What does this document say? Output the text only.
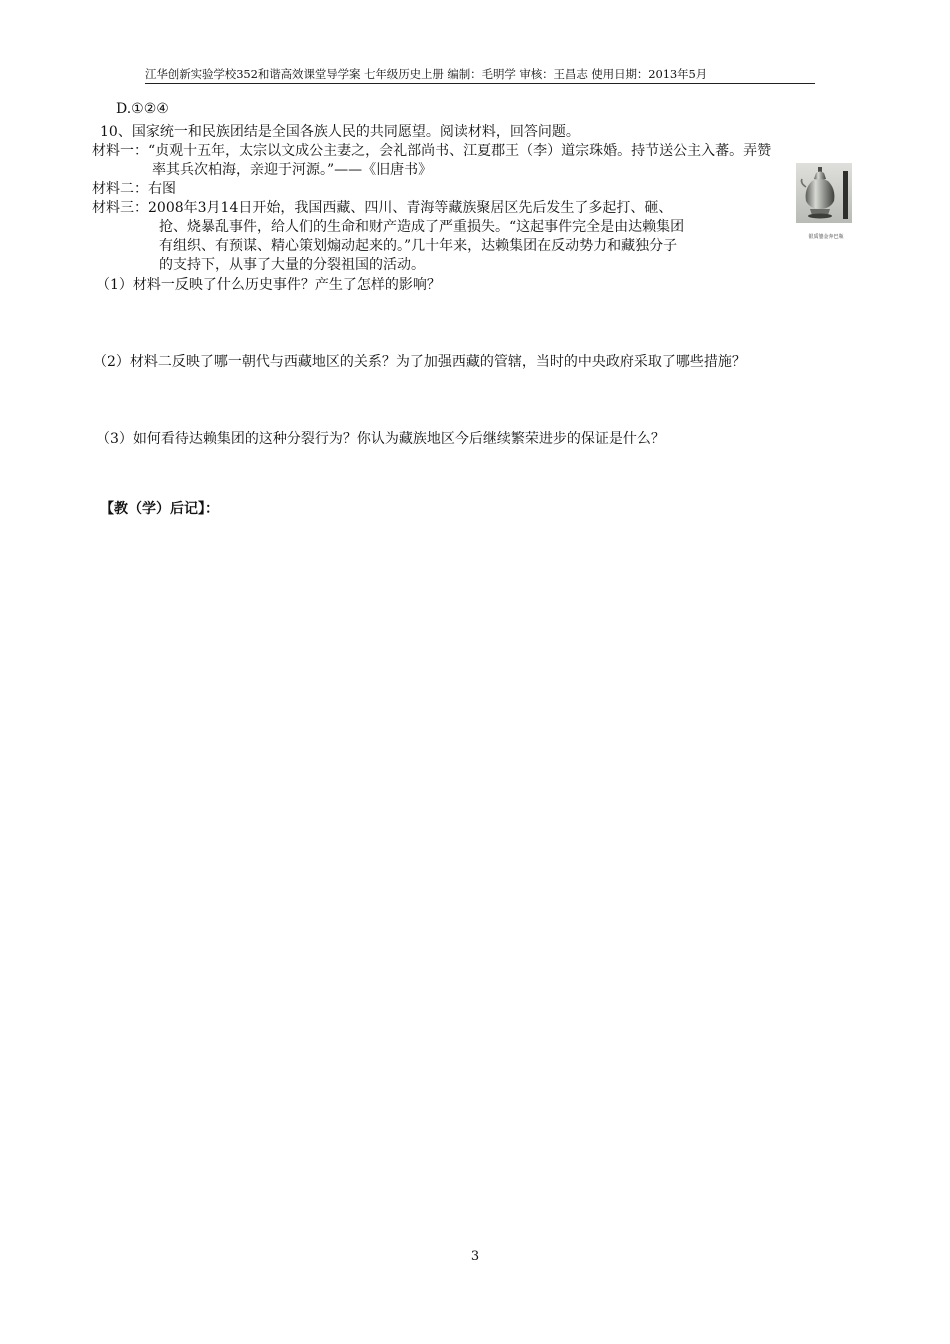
江华创新实验学校352和谐高效课堂导学案 七年级历史上册 编制：毛明学 审核：王昌志 使用日期：2013年5月
D.①②④
10、国家统一和民族团结是全国各族人民的共同愿望。阅读材料，回答问题。
材料一：“贞观十五年，太宗以文成公主妻之，会礼部尚书、江夏郡王（李）道宗珠婚。持节送公主入蕃。弄赞
率其兵次柏海，亲迎于河源。”——《旧唐书》
材料二：右图
材料三：2008年3月14日开始，我国西藏、四川、青海等藏族聚居区先后发生了多起打、砸、
抢、烧暴乱事件，给人们的生命和财产造成了严重损失。“这起事件完全是由达赖集团
有组织、有预谋、精心策划煽动起来的。”几十年来，达赖集团在反动势力和藏独分子
的支持下，从事了大量的分裂祖国的活动。
（1）材料一反映了什么历史事件？产生了怎样的影响？
（2）材料二反映了哪一朝代与西藏地区的关系？为了加强西藏的管辖，当时的中央政府采取了哪些措施？
（3）如何看待达赖集团的这种分裂行为？你认为藏族地区今后继续繁荣进步的保证是什么？
【教（学）后记】：
银质鎏金奔巴瓶
3
